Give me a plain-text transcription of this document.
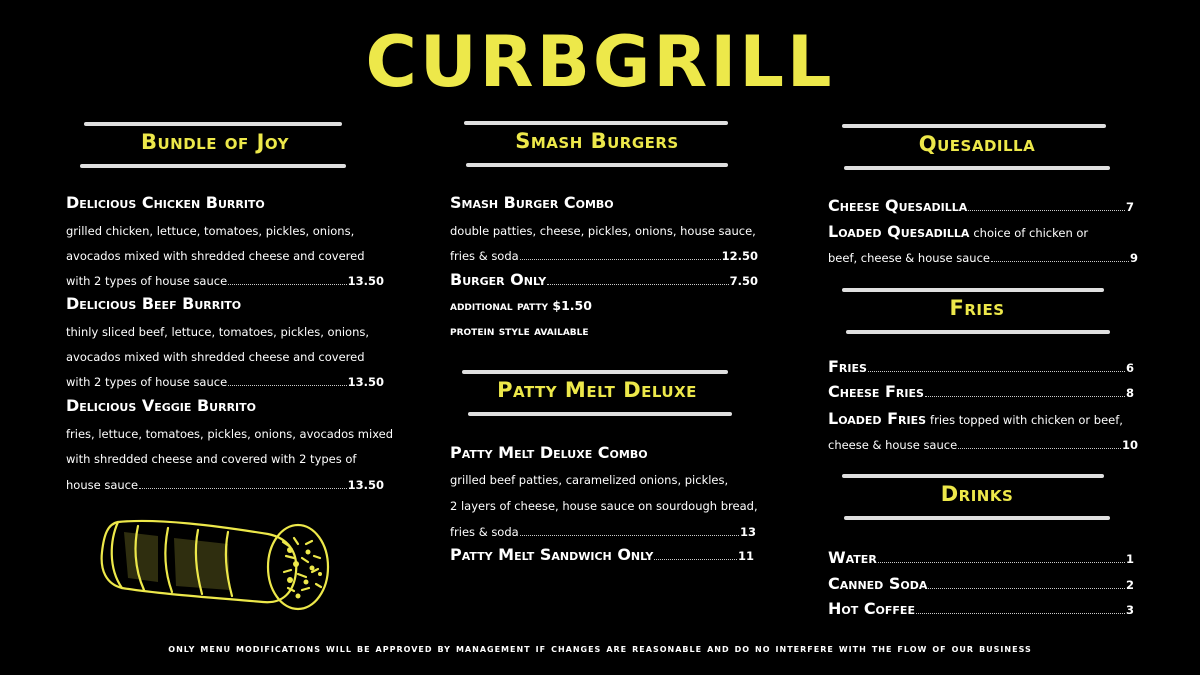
CURBGRILL
Bundle of Joy
Delicious Chicken Burrito
grilled chicken, lettuce, tomatoes, pickles, onions,
avocados mixed with shredded cheese and covered
with 2 types of house sauce	13.50
Delicious Beef Burrito
thinly sliced beef, lettuce, tomatoes, pickles, onions,
avocados mixed with shredded cheese and covered
with 2 types of house sauce	13.50
Delicious Veggie Burrito
fries, lettuce, tomatoes, pickles, onions, avocados mixed
with shredded cheese and covered with 2 types of
house sauce	13.50
Smash Burgers
Smash Burger Combo
double patties, cheese, pickles, onions, house sauce,
fries & soda	12.50
Burger Only	7.50
additional patty $1.50
protein style available
Patty Melt Deluxe
Patty Melt Deluxe Combo
grilled beef patties, caramelized onions, pickles,
2 layers of cheese, house sauce on sourdough bread,
fries & soda	13
Patty Melt Sandwich Only	11
Quesadilla
Cheese Quesadilla	7
Loaded Quesadilla choice of chicken or
beef, cheese & house sauce	9
Fries
Fries	6
Cheese Fries	8
Loaded Fries fries topped with chicken or beef,
cheese & house sauce	10
Drinks
Water	1
Canned Soda	2
Hot Coffee	3
only menu modifications will be approved by management if changes are reasonable and do no interfere with the flow of our business
